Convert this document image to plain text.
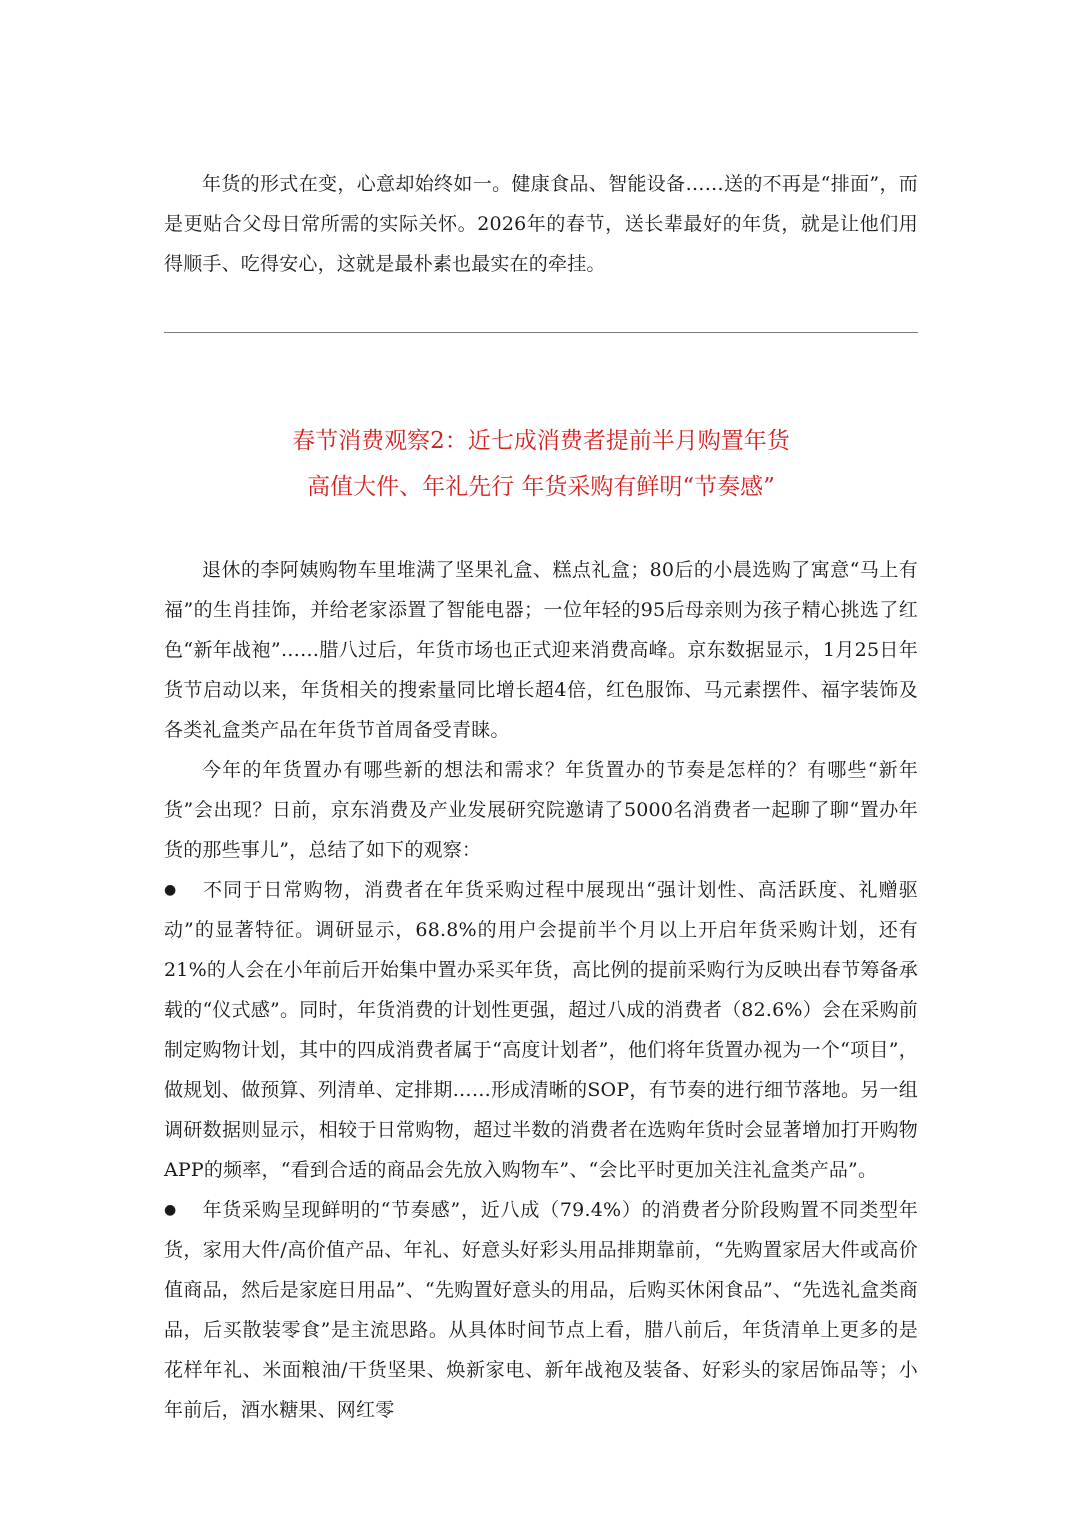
年货的形式在变，心意却始终如一。健康食品、智能设备……送的不再是“排面”，而是更贴合父母日常所需的实际关怀。2026年的春节，送长辈最好的年货，就是让他们用得顺手、吃得安心，这就是最朴素也最实在的牵挂。

春节消费观察2：近七成消费者提前半月购置年货
高值大件、年礼先行 年货采购有鲜明“节奏感”

退休的李阿姨购物车里堆满了坚果礼盒、糕点礼盒；80后的小晨选购了寓意“马上有福”的生肖挂饰，并给老家添置了智能电器；一位年轻的95后母亲则为孩子精心挑选了红色“新年战袍”……腊八过后，年货市场也正式迎来消费高峰。京东数据显示，1月25日年货节启动以来，年货相关的搜索量同比增长超4倍，红色服饰、马元素摆件、福字装饰及各类礼盒类产品在年货节首周备受青睐。

今年的年货置办有哪些新的想法和需求？年货置办的节奏是怎样的？有哪些“新年货”会出现？日前，京东消费及产业发展研究院邀请了5000名消费者一起聊了聊“置办年货的那些事儿”，总结了如下的观察：

● 不同于日常购物，消费者在年货采购过程中展现出“强计划性、高活跃度、礼赠驱动”的显著特征。调研显示，68.8%的用户会提前半个月以上开启年货采购计划，还有21%的人会在小年前后开始集中置办采买年货，高比例的提前采购行为反映出春节筹备承载的“仪式感”。同时，年货消费的计划性更强，超过八成的消费者（82.6%）会在采购前制定购物计划，其中的四成消费者属于“高度计划者”，他们将年货置办视为一个“项目”，做规划、做预算、列清单、定排期……形成清晰的SOP，有节奏的进行细节落地。另一组调研数据则显示，相较于日常购物，超过半数的消费者在选购年货时会显著增加打开购物APP的频率，“看到合适的商品会先放入购物车”、“会比平时更加关注礼盒类产品”。

● 年货采购呈现鲜明的“节奏感”，近八成（79.4%）的消费者分阶段购置不同类型年货，家用大件/高价值产品、年礼、好意头好彩头用品排期靠前，“先购置家居大件或高价值商品，然后是家庭日用品”、“先购置好意头的用品，后购买休闲食品”、“先选礼盒类商品，后买散装零食”是主流思路。从具体时间节点上看，腊八前后，年货清单上更多的是花样年礼、米面粮油/干货坚果、焕新家电、新年战袍及装备、好彩头的家居饰品等；小年前后，酒水糖果、网红零
